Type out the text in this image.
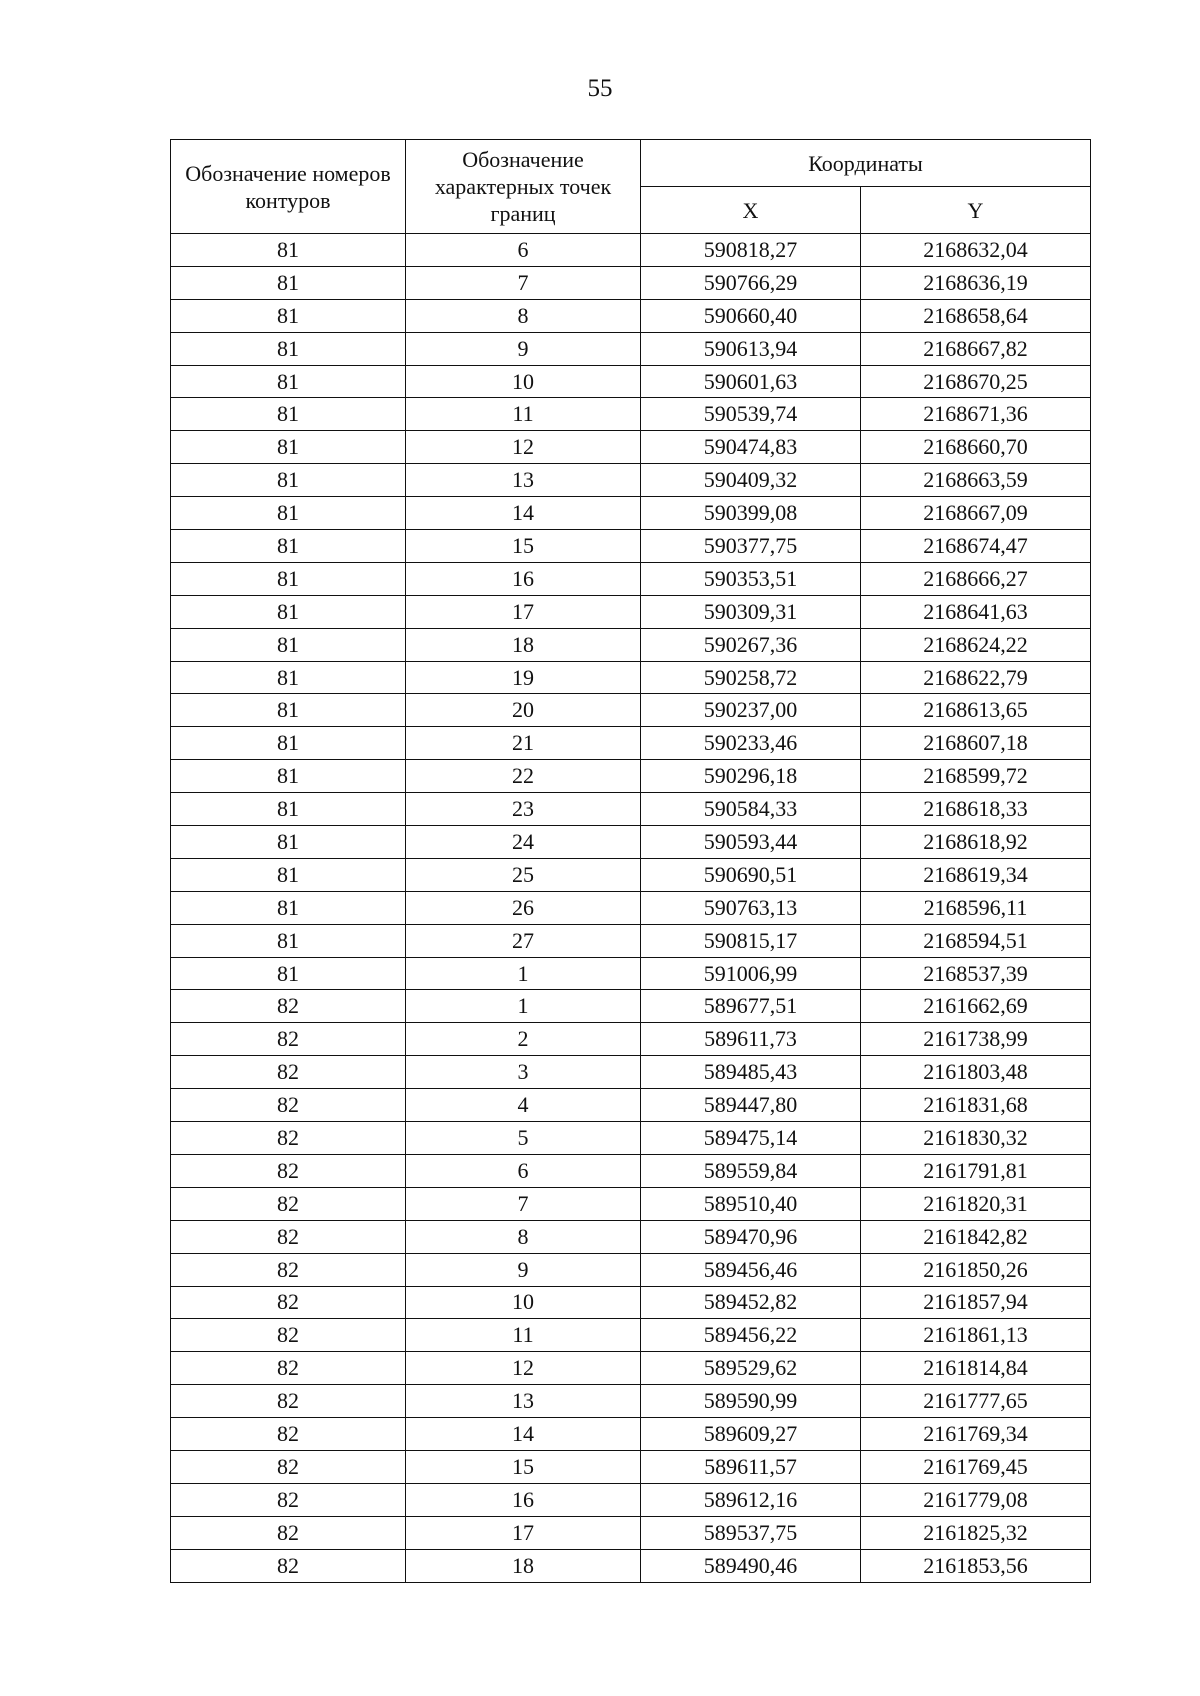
55
Обозначение номеров контуров	Обозначение характерных точек границ	Координаты	
		X	Y
81	6	590818,27	2168632,04
81	7	590766,29	2168636,19
81	8	590660,40	2168658,64
81	9	590613,94	2168667,82
81	10	590601,63	2168670,25
81	11	590539,74	2168671,36
81	12	590474,83	2168660,70
81	13	590409,32	2168663,59
81	14	590399,08	2168667,09
81	15	590377,75	2168674,47
81	16	590353,51	2168666,27
81	17	590309,31	2168641,63
81	18	590267,36	2168624,22
81	19	590258,72	2168622,79
81	20	590237,00	2168613,65
81	21	590233,46	2168607,18
81	22	590296,18	2168599,72
81	23	590584,33	2168618,33
81	24	590593,44	2168618,92
81	25	590690,51	2168619,34
81	26	590763,13	2168596,11
81	27	590815,17	2168594,51
81	1	591006,99	2168537,39
82	1	589677,51	2161662,69
82	2	589611,73	2161738,99
82	3	589485,43	2161803,48
82	4	589447,80	2161831,68
82	5	589475,14	2161830,32
82	6	589559,84	2161791,81
82	7	589510,40	2161820,31
82	8	589470,96	2161842,82
82	9	589456,46	2161850,26
82	10	589452,82	2161857,94
82	11	589456,22	2161861,13
82	12	589529,62	2161814,84
82	13	589590,99	2161777,65
82	14	589609,27	2161769,34
82	15	589611,57	2161769,45
82	16	589612,16	2161779,08
82	17	589537,75	2161825,32
82	18	589490,46	2161853,56
